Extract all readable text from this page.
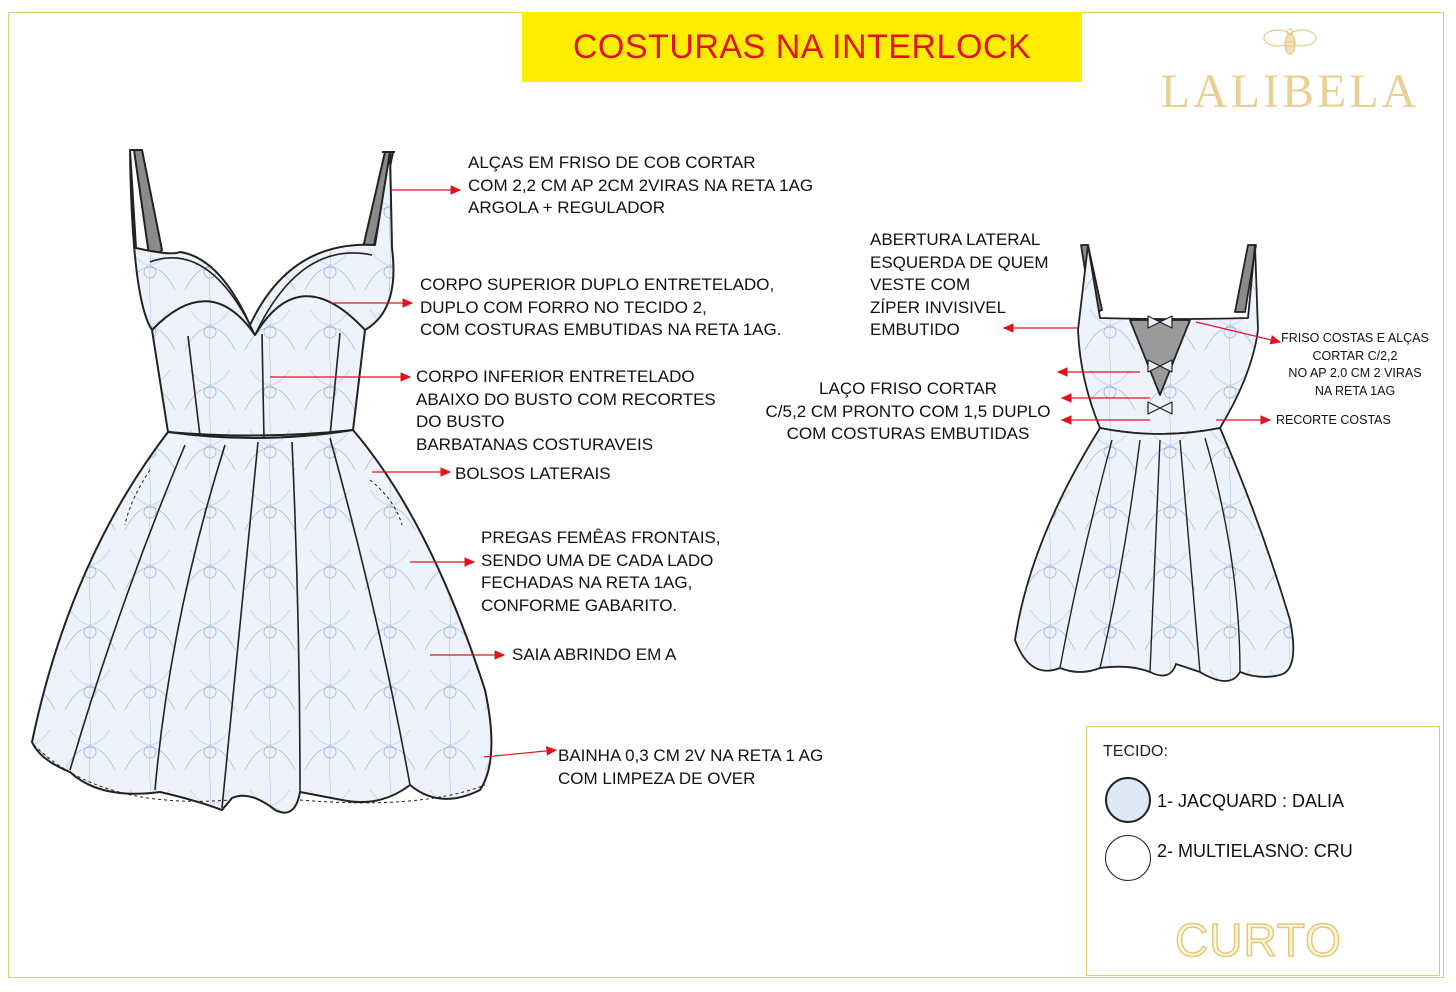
COSTURAS NA INTERLOCK
LALIBELA
ALÇAS EM FRISO DE COB CORTAR
COM 2,2 CM AP 2CM 2VIRAS NA RETA 1AG
ARGOLA + REGULADOR
CORPO SUPERIOR DUPLO ENTRETELADO,
DUPLO COM FORRO NO TECIDO 2,
COM COSTURAS EMBUTIDAS NA RETA 1AG.
CORPO INFERIOR ENTRETELADO
ABAIXO DO BUSTO COM RECORTES
DO BUSTO
BARBATANAS COSTURAVEIS
BOLSOS LATERAIS
PREGAS FEMÊAS FRONTAIS,
SENDO UMA DE CADA LADO
FECHADAS NA RETA 1AG,
CONFORME GABARITO.
SAIA ABRINDO EM A
BAINHA 0,3 CM 2V NA RETA 1 AG
COM LIMPEZA DE OVER
ABERTURA LATERAL
ESQUERDA DE QUEM
VESTE COM
ZÍPER INVISIVEL
EMBUTIDO
LAÇO FRISO CORTAR
C/5,2 CM PRONTO COM 1,5 DUPLO
COM COSTURAS EMBUTIDAS
FRISO COSTAS E ALÇAS
CORTAR C/2,2
NO AP 2.0 CM 2 VIRAS
NA RETA 1AG
RECORTE COSTAS
TECIDO:
1- JACQUARD : DALIA
2- MULTIELASNO: CRU
CURTO
